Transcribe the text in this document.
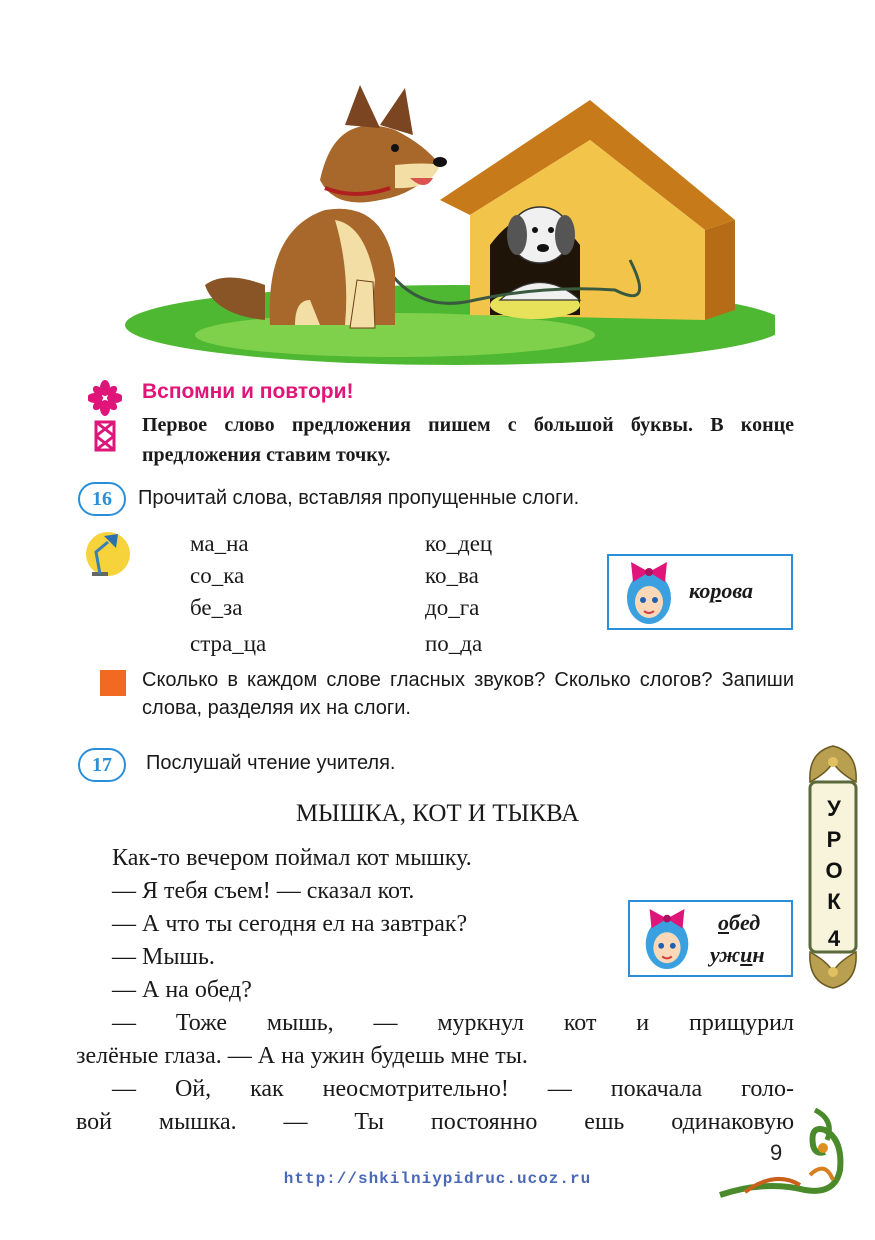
Вспомни и повтори!
Первое слово предложения пишем с большой буквы. В конце предложения ставим точку.
16	Прочитай слова, вставляя пропущенные слоги.
ма_на
со_ка
бе_за
стра_ца
ко_дец
ко_ва
до_га
по_да
корова
Сколько в каждом слове гласных звуков? Сколько слогов? Запиши слова, разделяя их на слоги.
17	Послушай чтение учителя.
МЫШКА, КОТ И ТЫКВА
Как-то вечером поймал кот мышку.
— Я тебя съем! — сказал кот.
— А что ты сегодня ел на завтрак?
— Мышь.
— А на обед?
— Тоже мышь, — муркнул кот и прищурил
зелёные глаза. — А на ужин будешь мне ты.
— Ой, как неосмотрительно! — покачала голо-
вой мышка. — Ты постоянно ешь одинаковую
обед
ужин
У
Р
О
К
4
9
http://shkilniypidruc.ucoz.ru
